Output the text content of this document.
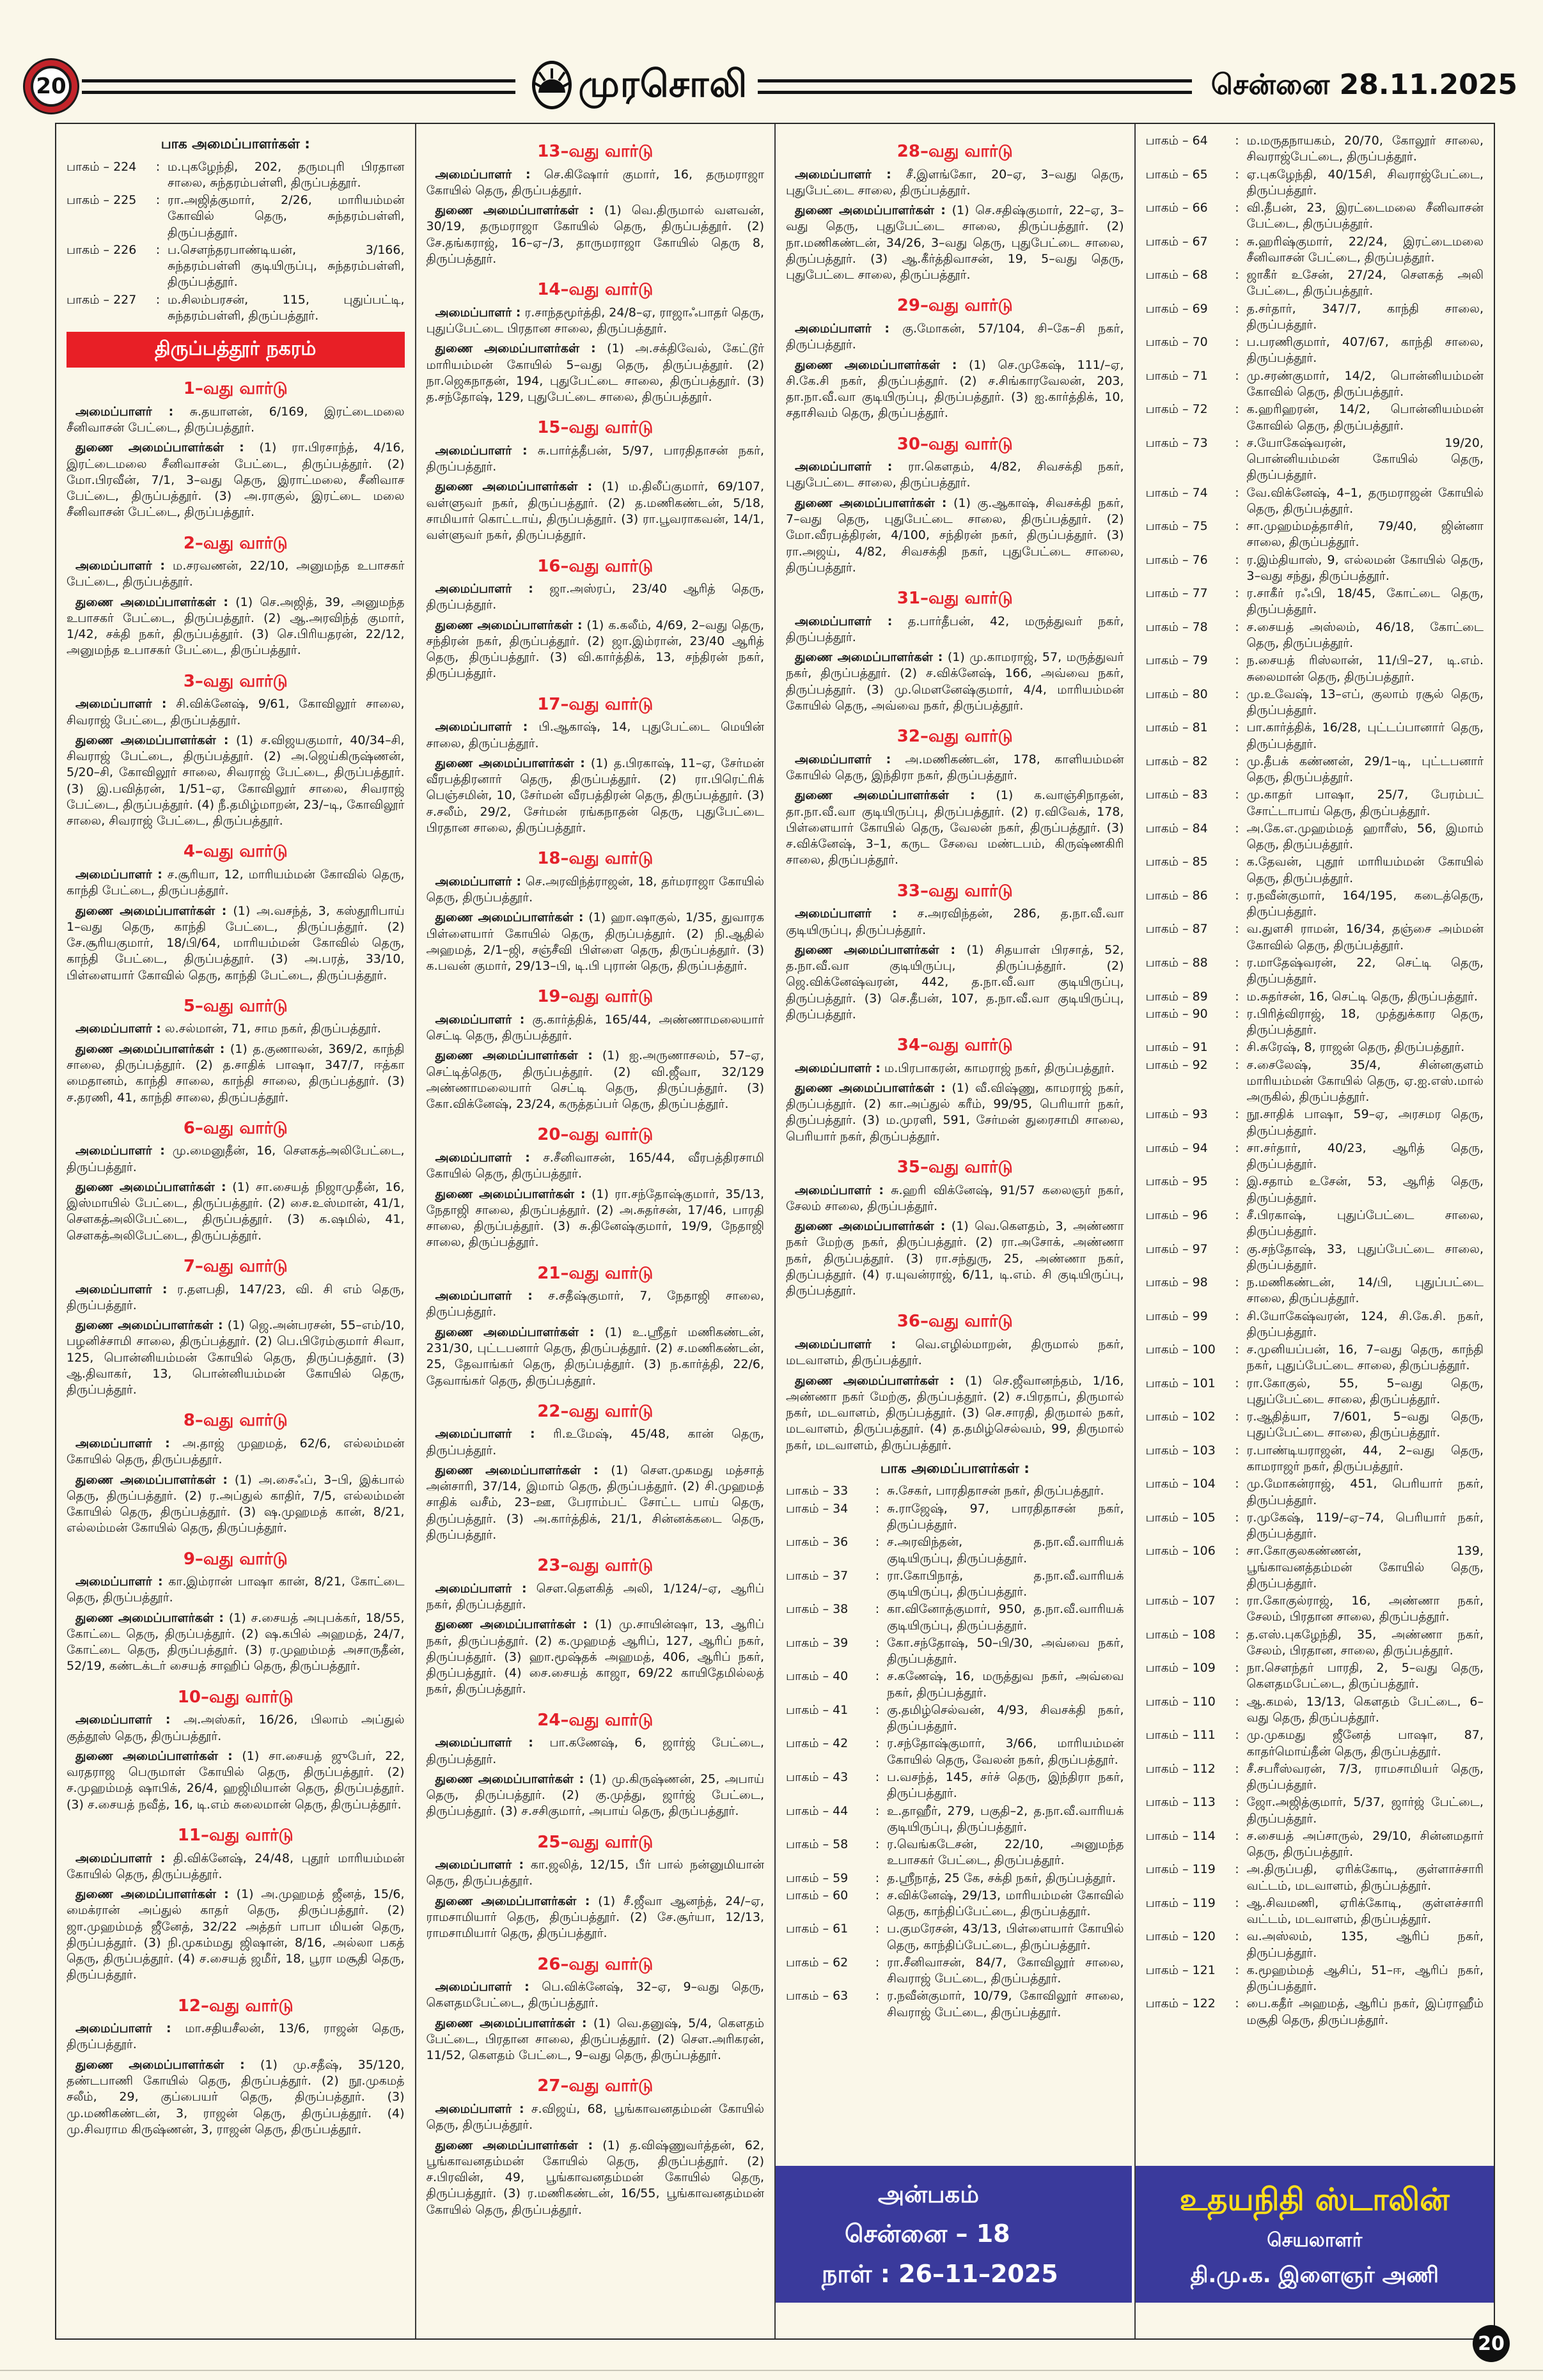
20	முரசொலி	சென்னை 28.11.2025
பாக அமைப்பாளர்கள் :
பாகம் – 224	: ம.புகழேந்தி, 202, தருமபுரி பிரதான சாலை, சுந்தரம்பள்ளி, திருப்பத்தூர்.
பாகம் – 225	: ரா.அஜித்குமார், 2/26, மாரியம்மன் கோவில் தெரு, சுந்தரம்பள்ளி, திருப்பத்தூர்.
பாகம் – 226	: ப.சௌந்தரபாண்டியன், 3/166, சுந்தரம்பள்ளி குடியிருப்பு, சுந்தரம்பள்ளி, திருப்பத்தூர்.
பாகம் – 227	: ம.சிலம்பரசன், 115, புதுப்பட்டி, சுந்தரம்பள்ளி, திருப்பத்தூர்.
திருப்பத்தூர் நகரம்
1–வது வார்டு

அமைப்பாளர் : சு.தயாளன், 6/169, இரட்டைமலை சீனிவாசன் பேட்டை, திருப்பத்தூர்.

துணை அமைப்பாளர்கள் : (1) ரா.பிரசாந்த், 4/16, இரட்டைமலை சீனிவாசன் பேட்டை, திருப்பத்தூர். (2) மோ.பிரவீன், 7/1, 3–வது தெரு, இராட்மலை, சீனிவாச பேட்டை, திருப்பத்தூர். (3) அ.ராகுல், இரட்டை மலை சீனிவாசன் பேட்டை, திருப்பத்தூர்.

2–வது வார்டு

அமைப்பாளர் : ம.சரவணன், 22/10, அனுமந்த உபாசகர் பேட்டை, திருப்பத்தூர்.

துணை அமைப்பாளர்கள் : (1) செ.அஜித், 39, அனுமந்த உபாசகர் பேட்டை, திருப்பத்தூர். (2) ஆ.அரவிந்த் குமார், 1/42, சக்தி நகர், திருப்பத்தூர். (3) செ.பிரியதரன், 22/12, அனுமந்த உபாசகர் பேட்டை, திருப்பத்தூர்.

3–வது வார்டு

அமைப்பாளர் : சி.விக்னேஷ், 9/61, கோவிலூர் சாலை, சிவராஜ் பேட்டை, திருப்பத்தூர்.

துணை அமைப்பாளர்கள் : (1) ச.விஜயகுமார், 40/34–சி, சிவராஜ் பேட்டை, திருப்பத்தூர். (2) அ.ஜெய்கிருஷ்ணன், 5/20–சி, கோவிலூர் சாலை, சிவராஜ் பேட்டை, திருப்பத்தூர். (3) இ.பவித்ரன், 1/51–ஏ, கோவிலூர் சாலை, சிவராஜ் பேட்டை, திருப்பத்தூர். (4) நீ.தமிழ்மாறன், 23/–டி, கோவிலூர் சாலை, சிவராஜ் பேட்டை, திருப்பத்தூர்.

4–வது வார்டு

அமைப்பாளர் : ச.சூரியா, 12, மாரியம்மன் கோவில் தெரு, காந்தி பேட்டை, திருப்பத்தூர்.

துணை அமைப்பாளர்கள் : (1) அ.வசந்த், 3, கஸ்தூரிபாய் 1–வது தெரு, காந்தி பேட்டை, திருப்பத்தூர். (2) சே.சூரியகுமார், 18/பி/64, மாரியம்மன் கோவில் தெரு, காந்தி பேட்டை, திருப்பத்தூர். (3) அ.பரத், 33/10, பிள்ளையார் கோவில் தெரு, காந்தி பேட்டை, திருப்பத்தூர்.

5–வது வார்டு

அமைப்பாளர் : ல.சல்மான், 71, சாம நகர், திருப்பத்தூர்.

துணை அமைப்பாளர்கள் : (1) த.குணாலன், 369/2, காந்தி சாலை, திருப்பத்தூர். (2) த.சாதிக் பாஷா, 347/7, ஈத்கா மைதானம், காந்தி சாலை, காந்தி சாலை, திருப்பத்தூர். (3) ச.தரணி, 41, காந்தி சாலை, திருப்பத்தூர்.

6–வது வார்டு

அமைப்பாளர் : மு.மைனுதீன், 16, சௌகத்அலிபேட்டை, திருப்பத்தூர்.

துணை அமைப்பாளர்கள் : (1) சா.சையத் நிஜாமுதீன், 16, இஸ்மாயில் பேட்டை, திருப்பத்தூர். (2) சை.உஸ்மான், 41/1, சௌகத்அலிபேட்டை, திருப்பத்தூர். (3) க.ஷமில், 41, சௌகத்அலிபேட்டை, திருப்பத்தூர்.

7–வது வார்டு

அமைப்பாளர் : ர.தளபதி, 147/23, வி. சி எம் தெரு, திருப்பத்தூர்.

துணை அமைப்பாளர்கள் : (1) ஜெ.அன்பரசன், 55–எம்/10, பழனிச்சாமி சாலை, திருப்பத்தூர். (2) பெ.பிரேம்குமார் சிவா, 125, பொன்னியம்மன் கோயில் தெரு, திருப்பத்தூர். (3) ஆ.திவாகர், 13, பொன்னியம்மன் கோயில் தெரு, திருப்பத்தூர்.

8–வது வார்டு

அமைப்பாளர் : அ.தாஜ் முஹமத், 62/6, எல்லம்மன் கோயில் தெரு, திருப்பத்தூர்.

துணை அமைப்பாளர்கள் : (1) அ.சைஃப், 3–பி, இக்பால் தெரு, திருப்பத்தூர். (2) ர.அப்துல் காதிர், 7/5, எல்லம்மன் கோயில் தெரு, திருப்பத்தூர். (3) ஷ.முஹமத் கான், 8/21, எல்லம்மன் கோயில் தெரு, திருப்பத்தூர்.

9–வது வார்டு

அமைப்பாளர் : கா.இம்ரான் பாஷா கான், 8/21, கோட்டை தெரு, திருப்பத்தூர்.

துணை அமைப்பாளர்கள் : (1) ச.சையத் அபுபக்கர், 18/55, கோட்டை தெரு, திருப்பத்தூர். (2) ஷ.கபில் அஹமத், 24/7, கோட்டை தெரு, திருப்பத்தூர். (3) ர.முஹம்மத் அசாருதீன், 52/19, கண்டக்டர் சையத் சாஹிப் தெரு, திருப்பத்தூர்.

10–வது வார்டு

அமைப்பாளர் : அ.அஸ்கர், 16/26, பிலாம் அப்துல் குத்தூஸ் தெரு, திருப்பத்தூர்.

துணை அமைப்பாளர்கள் : (1) சா.சையத் ஜுபேர், 22, வரதராஜ பெருமாள் கோயில் தெரு, திருப்பத்தூர். (2) ச.முஹம்மத் ஷாபிக், 26/4, ஹஜிமியான் தெரு, திருப்பத்தூர். (3) ச.சையத் நவீத், 16, டி.எம் சுலைமான் தெரு, திருப்பத்தூர்.

11–வது வார்டு

அமைப்பாளர் : தி.விக்னேஷ், 24/48, புதூர் மாரியம்மன் கோயில் தெரு, திருப்பத்தூர்.

துணை அமைப்பாளர்கள் : (1) அ.முஹமத் ஜீனத், 15/6, மைக்ரான் அப்துல் காதர் தெரு, திருப்பத்தூர். (2) ஜா.முஹம்மத் ஜீனேத், 32/22 அத்தர் பாபா மியன் தெரு, திருப்பத்தூர். (3) நி.முகம்மது ஜிஷான், 8/16, அல்லா பகத் தெரு, திருப்பத்தூர். (4) ச.சையத் ஜமீர், 18, பூரா மசூதி தெரு, திருப்பத்தூர்.

12–வது வார்டு

அமைப்பாளர் : மா.சதியசீலன், 13/6, ராஜன் தெரு, திருப்பத்தூர்.

துணை அமைப்பாளர்கள் : (1) மு.சதீஷ், 35/120, தண்டபாணி கோயில் தெரு, திருப்பத்தூர். (2) நூ.முகமத் சலீம், 29, குப்பையர் தெரு, திருப்பத்தூர். (3) மு.மணிகண்டன், 3, ராஜன் தெரு, திருப்பத்தூர். (4) மு.சிவராம கிருஷ்ணன், 3, ராஜன் தெரு, திருப்பத்தூர்.

13–வது வார்டு

அமைப்பாளர் : செ.கிஷோர் குமார், 16, தருமராஜா கோயில் தெரு, திருப்பத்தூர்.

துணை அமைப்பாளர்கள் : (1) வெ.திருமால் வளவன், 30/19, தருமராஜா கோயில் தெரு, திருப்பத்தூர். (2) சே.தங்கராஜ், 16–ஏ–/3, தாருமராஜா கோயில் தெரு 8, திருப்பத்தூர்.

14–வது வார்டு

அமைப்பாளர் : ர.சாந்தமூர்த்தி, 24/8–ஏ, ராஜாஃபாதர் தெரு, புதுப்பேட்டை பிரதான சாலை, திருப்பத்தூர்.

துணை அமைப்பாளர்கள் : (1) அ.சக்திவேல், கேட்டூர் மாரியம்மன் கோயில் 5–வது தெரு, திருப்பத்தூர். (2) நா.ஜெகநாதன், 194, புதுபேட்டை சாலை, திருப்பத்தூர். (3) த.சந்தோஷ், 129, புதுபேட்டை சாலை, திருப்பத்தூர்.

15–வது வார்டு

அமைப்பாளர் : சு.பார்த்தீபன், 5/97, பாரதிதாசன் நகர், திருப்பத்தூர்.

துணை அமைப்பாளர்கள் : (1) ம.திலீப்குமார், 69/107, வள்ளுவர் நகர், திருப்பத்தூர். (2) த.மணிகண்டன், 5/18, சாமியார் கொட்டாய், திருப்பத்தூர். (3) ரா.பூவராகவன், 14/1, வள்ளுவர் நகர், திருப்பத்தூர்.

16–வது வார்டு

அமைப்பாளர் : ஜா.அஸ்ரப், 23/40 ஆரித் தெரு, திருப்பத்தூர்.

துணை அமைப்பாளர்கள் : (1) க.கலீம், 4/69, 2–வது தெரு, சந்திரன் நகர், திருப்பத்தூர். (2) ஜா.இம்ரான், 23/40 ஆரித் தெரு, திருப்பத்தூர். (3) வி.கார்த்திக், 13, சந்திரன் நகர், திருப்பத்தூர்.

17–வது வார்டு

அமைப்பாளர் : பி.ஆகாஷ், 14, புதுபேட்டை மெயின் சாலை, திருப்பத்தூர்.

துணை அமைப்பாளர்கள் : (1) த.பிரகாஷ், 11–ஏ, சேர்மன் வீரபத்திரனார் தெரு, திருப்பத்தூர். (2) ரா.பிரெட்ரிக் பெஞ்சமின், 10, சேர்மன் வீரபத்திரன் தெரு, திருப்பத்தூர். (3) ச.சலீம், 29/2, சேர்மன் ரங்கநாதன் தெரு, புதுபேட்டை பிரதான சாலை, திருப்பத்தூர்.

18–வது வார்டு

அமைப்பாளர் : செ.அரவிந்த்ராஜன், 18, தர்மராஜா கோயில் தெரு, திருப்பத்தூர்.

துணை அமைப்பாளர்கள் : (1) ஹா.ஷாகுல், 1/35, துவாரக பிள்ளையார் கோயில் தெரு, திருப்பத்தூர். (2) நி.ஆதில் அஹமத், 2/1–ஜி, சஞ்சீவி பிள்ளை தெரு, திருப்பத்தூர். (3) க.பவன் குமார், 29/13–பி, டி.பி புரான் தெரு, திருப்பத்தூர்.

19–வது வார்டு

அமைப்பாளர் : கு.கார்த்திக், 165/44, அண்ணாமலையார் செட்டி தெரு, திருப்பத்தூர்.

துணை அமைப்பாளர்கள் : (1) ஐ.அருணாசலம், 57–ஏ, செட்டித்தெரு, திருப்பத்தூர். (2) வி.ஜீவா, 32/129 அண்ணாமலையார் செட்டி தெரு, திருப்பத்தூர். (3) கோ.விக்னேஷ், 23/24, கருத்தப்பர் தெரு, திருப்பத்தூர்.

20–வது வார்டு

அமைப்பாளர் : ச.சீனிவாசன், 165/44, வீரபத்திரசாமி கோயில் தெரு, திருப்பத்தூர்.

துணை அமைப்பாளர்கள் : (1) ரா.சந்தோஷ்குமார், 35/13, நேதாஜி சாலை, திருப்பத்தூர். (2) அ.சுதர்சன், 17/46, பாரதி சாலை, திருப்பத்தூர். (3) சு.தினேஷ்குமார், 19/9, நேதாஜி சாலை, திருப்பத்தூர்.

21–வது வார்டு

அமைப்பாளர் : ச.சதீஷ்குமார், 7, நேதாஜி சாலை, திருப்பத்தூர்.

துணை அமைப்பாளர்கள் : (1) உ.ஸ்ரீதர் மணிகண்டன், 231/30, புட்டபனார் தெரு, திருப்பத்தூர். (2) ச.மணிகண்டன், 25, தேவாங்கர் தெரு, திருப்பத்தூர். (3) ந.கார்த்தி, 22/6, தேவாங்கர் தெரு, திருப்பத்தூர்.

22–வது வார்டு

அமைப்பாளர் : ரி.உமேஷ், 45/48, கான் தெரு, திருப்பத்தூர்.

துணை அமைப்பாளர்கள் : (1) சௌ.முகமது மத்சாத் அன்சாரி, 37/14, இமாம் தெரு, திருப்பத்தூர். (2) சி.முஹமத் சாதிக் வசீம், 23–ஊ, பேராம்பட் சோட்ட பாய் தெரு, திருப்பத்தூர். (3) அ.கார்த்திக், 21/1, சின்னக்கடை தெரு, திருப்பத்தூர்.

23–வது வார்டு

அமைப்பாளர் : சௌ.தௌகித் அலி, 1/124/–ஏ, ஆரிப் நகர், திருப்பத்தூர்.

துணை அமைப்பாளர்கள் : (1) மு.சாயின்ஷா, 13, ஆரிப் நகர், திருப்பத்தூர். (2) க.முஹமத் ஆரிப், 127, ஆரிப் நகர், திருப்பத்தூர். (3) ஹா.மூஷ்தக் அஹமத், 406, ஆரிப் நகர், திருப்பத்தூர். (4) சை.சையத் காஜா, 69/22 காயிதேமில்லத் நகர், திருப்பத்தூர்.

24–வது வார்டு

அமைப்பாளர் : பா.கணேஷ், 6, ஜார்ஜ் பேட்டை, திருப்பத்தூர்.

துணை அமைப்பாளர்கள் : (1) மு.கிருஷ்ணன், 25, அபாய் தெரு, திருப்பத்தூர். (2) கு.முத்து, ஜார்ஜ் பேட்டை, திருப்பத்தூர். (3) ச.சசிகுமார், அபாய் தெரு, திருப்பத்தூர்.

25–வது வார்டு

அமைப்பாளர் : கா.ஜலித், 12/15, பீர் பால் நன்னுமியான் தெரு, திருப்பத்தூர்.

துணை அமைப்பாளர்கள் : (1) சீ.ஜீவா ஆனந்த், 24/–ஏ, ராமசாமியார் தெரு, திருப்பத்தூர். (2) சே.சூர்யா, 12/13, ராமசாமியார் தெரு, திருப்பத்தூர்.

26–வது வார்டு

அமைப்பாளர் : பெ.விக்னேஷ், 32–ஏ, 9–வது தெரு, கௌதமபேட்டை, திருப்பத்தூர்.

துணை அமைப்பாளர்கள் : (1) வெ.தனுஷ், 5/4, கௌதம் பேட்டை, பிரதான சாலை, திருப்பத்தூர். (2) சௌ.அரிகரன், 11/52, கௌதம் பேட்டை, 9–வது தெரு, திருப்பத்தூர்.

27–வது வார்டு

அமைப்பாளர் : ச.விஜய், 68, பூங்காவனதம்மன் கோயில் தெரு, திருப்பத்தூர்.

துணை அமைப்பாளர்கள் : (1) த.விஷ்ணுவர்த்தன், 62, பூங்காவனதம்மன் கோயில் தெரு, திருப்பத்தூர். (2) ச.பிரவின், 49, பூங்காவனதம்மன் கோயில் தெரு, திருப்பத்தூர். (3) ர.மணிகண்டன், 16/55, பூங்காவனதம்மன் கோயில் தெரு, திருப்பத்தூர்.

28–வது வார்டு

அமைப்பாளர் : சீ.இளங்கோ, 20–ஏ, 3–வது தெரு, புதுபேட்டை சாலை, திருப்பத்தூர்.

துணை அமைப்பாளர்கள் : (1) செ.சதிஷ்குமார், 22–ஏ, 3–வது தெரு, புதுபேட்டை சாலை, திருப்பத்தூர். (2) நா.மணிகண்டன், 34/26, 3–வது தெரு, புதுபேட்டை சாலை, திருப்பத்தூர். (3) ஆ.கீர்த்திவாசன், 19, 5–வது தெரு, புதுபேட்டை சாலை, திருப்பத்தூர்.

29–வது வார்டு

அமைப்பாளர் : கு.மோகன், 57/104, சி–கே–சி நகர், திருப்பத்தூர்.

துணை அமைப்பாளர்கள் : (1) செ.முகேஷ், 111/–ஏ, சி.கே.சி நகர், திருப்பத்தூர். (2) ச.சிங்காரவேலன், 203, தா.நா.வீ.வா குடியிருப்பு, திருப்பத்தூர். (3) ஐ.கார்த்திக், 10, சதாசிவம் தெரு, திருப்பத்தூர்.

30–வது வார்டு

அமைப்பாளர் : ரா.கௌதம், 4/82, சிவசக்தி நகர், புதுபேட்டை சாலை, திருப்பத்தூர்.

துணை அமைப்பாளர்கள் : (1) கு.ஆகாஷ், சிவசக்தி நகர், 7–வது தெரு, புதுபேட்டை சாலை, திருப்பத்தூர். (2) மோ.வீரபத்திரன், 4/100, சந்திரன் நகர், திருப்பத்தூர். (3) ரா.அஜய், 4/82, சிவசக்தி நகர், புதுபேட்டை சாலை, திருப்பத்தூர்.

31–வது வார்டு

அமைப்பாளர் : த.பார்தீபன், 42, மருத்துவர் நகர், திருப்பத்தூர்.

துணை அமைப்பாளர்கள் : (1) மு.காமராஜ், 57, மருத்துவர் நகர், திருப்பத்தூர். (2) ச.விக்னேஷ், 166, அவ்வை நகர், திருப்பத்தூர். (3) மு.மௌனேஷ்குமார், 4/4, மாரியம்மன் கோயில் தெரு, அவ்வை நகர், திருப்பத்தூர்.

32–வது வார்டு

அமைப்பாளர் : அ.மணிகண்டன், 178, காளியம்மன் கோயில் தெரு, இந்திரா நகர், திருப்பத்தூர்.

துணை அமைப்பாளர்கள் : (1) க.வாஞ்சிநாதன், தா.நா.வீ.வா குடியிருப்பு, திருப்பத்தூர். (2) ர.விவேக், 178, பிள்ளையார் கோயில் தெரு, வேலன் நகர், திருப்பத்தூர். (3) ச.விக்னேஷ், 3–1, கருட சேவை மண்டபம், கிருஷ்ணகிரி சாலை, திருப்பத்தூர்.

33–வது வார்டு

அமைப்பாளர் : ச.அரவிந்தன், 286, த.நா.வீ.வா குடியிருப்பு, திருப்பத்தூர்.

துணை அமைப்பாளர்கள் : (1) சிதயாள் பிரசாத், 52, த.நா.வீ.வா குடியிருப்பு, திருப்பத்தூர். (2) ஜெ.விக்னேஷ்வரன், 442, த.நா.வீ.வா குடியிருப்பு, திருப்பத்தூர். (3) செ.தீபன், 107, த.நா.வீ.வா குடியிருப்பு, திருப்பத்தூர்.

34–வது வார்டு

அமைப்பாளர் : ம.பிரபாகரன், காமராஜ் நகர், திருப்பத்தூர்.

துணை அமைப்பாளர்கள் : (1) வீ.விஷ்ணு, காமராஜ் நகர், திருப்பத்தூர். (2) கா.அப்துல் கரீம், 99/95, பெரியார் நகர், திருப்பத்தூர். (3) ம.முரளி, 591, சேர்மன் துரைசாமி சாலை, பெரியார் நகர், திருப்பத்தூர்.

35–வது வார்டு

அமைப்பாளர் : சு.ஹரி விக்னேஷ், 91/57 கலைஞர் நகர், சேலம் சாலை, திருப்பத்தூர்.

துணை அமைப்பாளர்கள் : (1) வெ.கௌதம், 3, அண்ணா நகர் மேற்கு நகர், திருப்பத்தூர். (2) ரா.அசோக், அண்ணா நகர், திருப்பத்தூர். (3) ரா.சந்துரு, 25, அண்ணா நகர், திருப்பத்தூர். (4) ர.யுவன்ராஜ், 6/11, டி.எம். சி குடியிருப்பு, திருப்பத்தூர்.

36–வது வார்டு

அமைப்பாளர் : வெ.எழில்மாறன், திருமால் நகர், மடவாளம், திருப்பத்தூர்.

துணை அமைப்பாளர்கள் : (1) செ.ஜீவானந்தம், 1/16, அண்ணா நகர் மேற்கு, திருப்பத்தூர். (2) ச.பிரதாப், திருமால் நகர், மடவாளம், திருப்பத்தூர். (3) செ.சாரதி, திருமால் நகர், மடவாளம், திருப்பத்தூர். (4) த.தமிழ்செல்வம், 99, திருமால் நகர், மடவாளம், திருப்பத்தூர்.

பாக அமைப்பாளர்கள் :
பாகம் – 33	: சு.சேகர், பாரதிதாசன் நகர், திருப்பத்தூர்.
பாகம் – 34	: சு.ராஜேஷ், 97, பாரதிதாசன் நகர், திருப்பத்தூர்.
பாகம் – 36	: ச.அரவிந்தன், த.நா.வீ.வாரியக் குடியிருப்பு, திருப்பத்தூர்.
பாகம் – 37	: ரா.கோபிநாத், த.நா.வீ.வாரியக் குடியிருப்பு, திருப்பத்தூர்.
பாகம் – 38	: கா.வினோத்குமார், 950, த.நா.வீ.வாரியக் குடியிருப்பு, திருப்பத்தூர்.
பாகம் – 39	: கோ.சந்தோஷ், 50–பி/30, அவ்வை நகர், திருப்பத்தூர்.
பாகம் – 40	: ச.கணேஷ், 16, மருத்துவ நகர், அவ்வை நகர், திருப்பத்தூர்.
பாகம் – 41	: கு.தமிழ்செல்வன், 4/93, சிவசக்தி நகர், திருப்பத்தூர்.
பாகம் – 42	: ர.சந்தோஷ்குமார், 3/66, மாரியம்மன் கோயில் தெரு, வேலன் நகர், திருப்பத்தூர்.
பாகம் – 43	: ப.வசந்த், 145, சர்ச் தெரு, இந்திரா நகர், திருப்பத்தூர்.
பாகம் – 44	: உ.தாஹீர், 279, பகுதி–2, த.நா.வீ.வாரியக் குடியிருப்பு, திருப்பத்தூர்.
பாகம் – 58	: ர.வெங்கடேசன், 22/10, அனுமந்த உபாசகர் பேட்டை, திருப்பத்தூர்.
பாகம் – 59	: த.ஸ்ரீநாத், 25 கே, சக்தி நகர், திருப்பத்தூர்.
பாகம் – 60	: ச.விக்னேஷ், 29/13, மாரியம்மன் கோவில் தெரு, காந்திப்பேட்டை, திருப்பத்தூர்.
பாகம் – 61	: ப.குமரேசன், 43/13, பிள்ளையார் கோயில் தெரு, காந்திப்பேட்டை, திருப்பத்தூர்.
பாகம் – 62	: ரா.சீனிவாசன், 84/7, கோவிலூர் சாலை, சிவராஜ் பேட்டை, திருப்பத்தூர்.
பாகம் – 63	: ர.நவீன்குமார், 10/79, கோவிலூர் சாலை, சிவராஜ் பேட்டை, திருப்பத்தூர்.
அன்பகம்
சென்னை – 18
நாள் : 26–11–2025
பாகம் – 64	: ம.மருதநாயகம், 20/70, கோலூர் சாலை, சிவராஜ்பேட்டை, திருப்பத்தூர்.
பாகம் – 65	: ஏ.புகழேந்தி, 40/15சி, சிவராஜ்பேட்டை, திருப்பத்தூர்.
பாகம் – 66	: வி.தீபன், 23, இரட்டைமலை சீனிவாசன் பேட்டை, திருப்பத்தூர்.
பாகம் – 67	: சு.ஹரிஷ்குமார், 22/24, இரட்டைமலை சீனிவாசன் பேட்டை, திருப்பத்தூர்.
பாகம் – 68	: ஜாகீர் உசேன், 27/24, சௌகத் அலி பேட்டை, திருப்பத்தூர்.
பாகம் – 69	: த.சர்தார், 347/7, காந்தி சாலை, திருப்பத்தூர்.
பாகம் – 70	: ப.பரணிகுமார், 407/67, காந்தி சாலை, திருப்பத்தூர்.
பாகம் – 71	: மு.சரண்குமார், 14/2, பொன்னியம்மன் கோவில் தெரு, திருப்பத்தூர்.
பாகம் – 72	: க.ஹரிஹரன், 14/2, பொன்னியம்மன் கோவில் தெரு, திருப்பத்தூர்.
பாகம் – 73	: ச.யோகேஷ்வரன், 19/20, பொன்னியம்மன் கோயில் தெரு, திருப்பத்தூர்.
பாகம் – 74	: வே.விக்னேஷ், 4–1, தருமராஜன் கோயில் தெரு, திருப்பத்தூர்.
பாகம் – 75	: சா.முஹம்மத்தாசிர், 79/40, ஜின்னா சாலை, திருப்பத்தூர்.
பாகம் – 76	: ர.இம்தியாஸ், 9, எல்லமன் கோயில் தெரு, 3–வது சந்து, திருப்பத்தூர்.
பாகம் – 77	: ர.சாகீர் ரஃபி, 18/45, கோட்டை தெரு, திருப்பத்தூர்.
பாகம் – 78	: ச.சையத் அஸ்லம், 46/18, கோட்டை தெரு, திருப்பத்தூர்.
பாகம் – 79	: ந.சையத் ரிஸ்லான், 11/பி–27, டி.எம். சுலைமான் தெரு, திருப்பத்தூர்.
பாகம் – 80	: மு.உவேஷ், 13–எப், குலாம் ரசூல் தெரு, திருப்பத்தூர்.
பாகம் – 81	: பா.கார்த்திக், 16/28, புட்டப்பானார் தெரு, திருப்பத்தூர்.
பாகம் – 82	: மு.தீபக் கண்ணன், 29/1–டி, புட்டபனார் தெரு, திருப்பத்தூர்.
பாகம் – 83	: மு.காதர் பாஷா, 25/7, பேரம்பட் சோட்டாபாய் தெரு, திருப்பத்தூர்.
பாகம் – 84	: அ.கே.எ.முஹம்மத் ஹாரீஸ், 56, இமாம் தெரு, திருப்பத்தூர்.
பாகம் – 85	: க.தேவன், புதூர் மாரியம்மன் கோயில் தெரு, திருப்பத்தூர்.
பாகம் – 86	: ர.நவீன்குமார், 164/195, கடைத்தெரு, திருப்பத்தூர்.
பாகம் – 87	: வ.துளசி ராமன், 16/34, தஞ்சை அம்மன் கோவில் தெரு, திருப்பத்தூர்.
பாகம் – 88	: ர.மாதேஷ்வரன், 22, செட்டி தெரு, திருப்பத்தூர்.
பாகம் – 89	: ம.சுதர்சன், 16, செட்டி தெரு, திருப்பத்தூர்.
பாகம் – 90	: ர.பிரித்விராஜ், 18, முத்துக்கார தெரு, திருப்பத்தூர்.
பாகம் – 91	: சி.சுரேஷ், 8, ராஜன் தெரு, திருப்பத்தூர்.
பாகம் – 92	: ச.சைலேஷ், 35/4, சின்னகுளம் மாரியம்மன் கோயில் தெரு, ஏ.ஐ.எஸ்.மால் அருகில், திருப்பத்தூர்.
பாகம் – 93	: நூ.சாதிக் பாஷா, 59–ஏ, அரசமர தெரு, திருப்பத்தூர்.
பாகம் – 94	: சா.சர்தார், 40/23, ஆரித் தெரு, திருப்பத்தூர்.
பாகம் – 95	: இ.சதாம் உசேன், 53, ஆரித் தெரு, திருப்பத்தூர்.
பாகம் – 96	: சீ.பிரகாஷ், புதுப்பேட்டை சாலை, திருப்பத்தூர்.
பாகம் – 97	: கு.சந்தோஷ், 33, புதுப்பேட்டை சாலை, திருப்பத்தூர்.
பாகம் – 98	: ந.மணிகண்டன், 14/பி, புதுப்பட்டை சாலை, திருப்பத்தூர்.
பாகம் – 99	: சி.யோகேஷ்வரன், 124, சி.கே.சி. நகர், திருப்பத்தூர்.
பாகம் – 100	: ச.முனியப்பன், 16, 7–வது தெரு, காந்தி நகர், புதுப்பேட்டை சாலை, திருப்பத்தூர்.
பாகம் – 101	: ரா.கோகுல், 55, 5–வது தெரு, புதுப்பேட்டை சாலை, திருப்பத்தூர்.
பாகம் – 102	: ர.ஆதித்யா, 7/601, 5–வது தெரு, புதுப்பேட்டை சாலை, திருப்பத்தூர்.
பாகம் – 103	: ர.பாண்டியராஜன், 44, 2–வது தெரு, காமராஜர் நகர், திருப்பத்தூர்.
பாகம் – 104	: மு.மோகன்ராஜ், 451, பெரியார் நகர், திருப்பத்தூர்.
பாகம் – 105	: ர.முகேஷ், 119/–ஏ–74, பெரியார் நகர், திருப்பத்தூர்.
பாகம் – 106	: சா.கோகுலகண்ணன், 139, பூங்காவனத்தம்மன் கோயில் தெரு, திருப்பத்தூர்.
பாகம் – 107	: ரா.கோகுல்ராஜ், 16, அண்ணா நகர், சேலம், பிரதான சாலை, திருப்பத்தூர்.
பாகம் – 108	: த.எஸ்.புகழேந்தி, 35, அண்ணா நகர், சேலம், பிரதான, சாலை, திருப்பத்தூர்.
பாகம் – 109	: நா.சௌந்தர் பாரதி, 2, 5–வது தெரு, கௌதமபேட்டை, திருப்பத்தூர்.
பாகம் – 110	: ஆ.கமல், 13/13, கௌதம் பேட்டை, 6–வது தெரு, திருப்பத்தூர்.
பாகம் – 111	: மு.முகமது ஜீனேத் பாஷா, 87, காதர்மொய்தீன் தெரு, திருப்பத்தூர்.
பாகம் – 112	: சீ.சபரீஸ்வரன், 7/3, ராமசாமியர் தெரு, திருப்பத்தூர்.
பாகம் – 113	: ஜோ.அஜித்குமார், 5/37, ஜார்ஜ் பேட்டை, திருப்பத்தூர்.
பாகம் – 114	: ச.சையத் அப்சாருல், 29/10, சின்னமதார் தெரு, திருப்பத்தூர்.
பாகம் – 119	: அ.திருப்பதி, ஏரிக்கோடி, குள்ளாச்சாரி வட்டம், மடவாளம், திருப்பத்தூர்.
பாகம் – 119	: ஆ.சிவமணி, ஏரிக்கோடி, குள்ளச்சாரி வட்டம், மடவாளம், திருப்பத்தூர்.
பாகம் – 120	: வ.அஸ்லம், 135, ஆரிப் நகர், திருப்பத்தூர்.
பாகம் – 121	: க.மூஹம்மத் ஆசிப், 51–ஈ, ஆரிப் நகர், திருப்பத்தூர்.
பாகம் – 122	: பை.கதீர் அஹமத், ஆரிப் நகர், இப்ராஹீம் மசூதி தெரு, திருப்பத்தூர்.
உதயநிதி ஸ்டாலின்
செயலாளர்
தி.மு.க. இளைஞர் அணி
20
